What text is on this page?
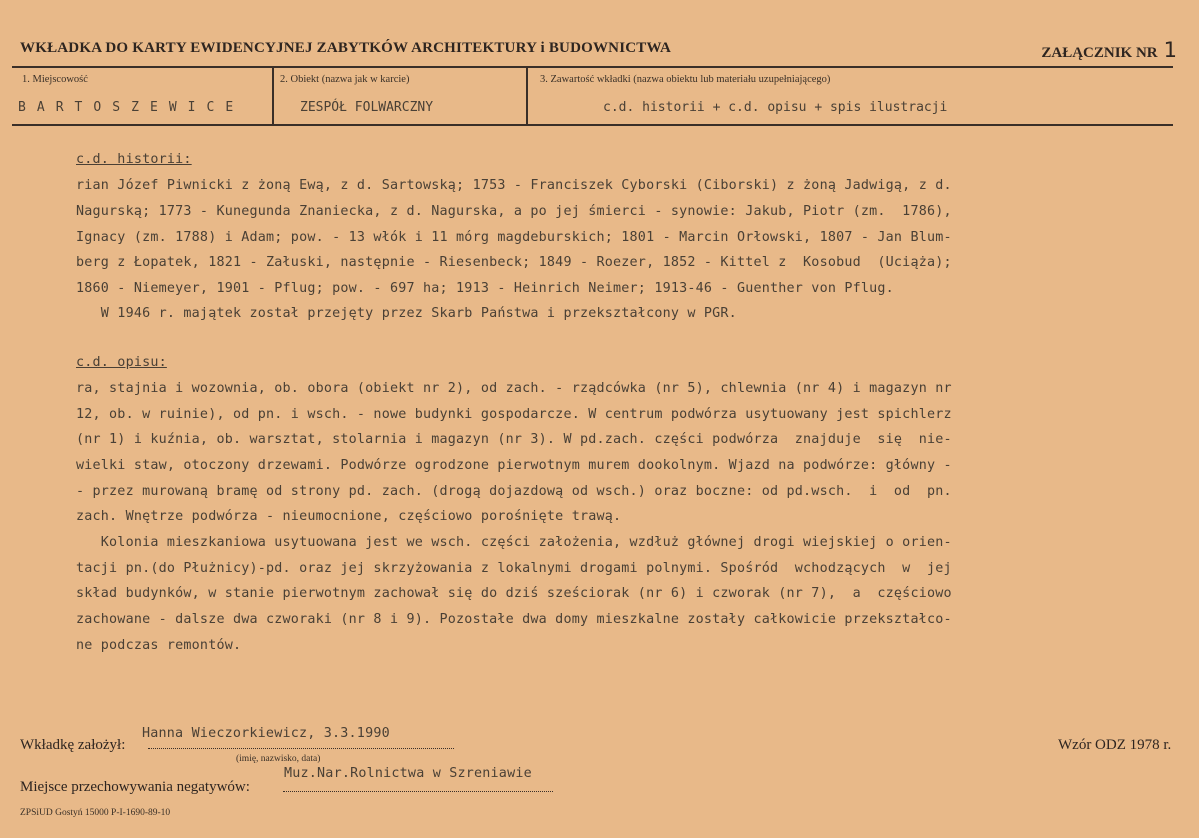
WKŁADKA DO KARTY EWIDENCYJNEJ ZABYTKÓW ARCHITEKTURY i BUDOWNICTWA	ZAŁĄCZNIK NR 1
1. Miejscowość
B A R T O S Z E W I C E
2. Obiekt (nazwa jak w karcie)
ZESPÓŁ FOLWARCZNY
3. Zawartość wkładki (nazwa obiektu lub materiału uzupełniającego)
c.d. historii + c.d. opisu + spis ilustracji
c.d. historii:
rian Józef Piwnicki z żoną Ewą, z d. Sartowską; 1753 - Franciszek Cyborski (Ciborski) z żoną Jadwigą, z d.
Nagurską; 1773 - Kunegunda Znaniecka, z d. Nagurska, a po jej śmierci - synowie: Jakub, Piotr (zm.  1786),
Ignacy (zm. 1788) i Adam; pow. - 13 włók i 11 mórg magdeburskich; 1801 - Marcin Orłowski, 1807 - Jan Blum-
berg z Łopatek, 1821 - Załuski, następnie - Riesenbeck; 1849 - Roezer, 1852 - Kittel z  Kosobud  (Uciąża);
1860 - Niemeyer, 1901 - Pflug; pow. - 697 ha; 1913 - Heinrich Neimer; 1913-46 - Guenther von Pflug.
W 1946 r. majątek został przejęty przez Skarb Państwa i przekształcony w PGR.
c.d. opisu:
ra, stajnia i wozownia, ob. obora (obiekt nr 2), od zach. - rządcówka (nr 5), chlewnia (nr 4) i magazyn nr
12, ob. w ruinie), od pn. i wsch. - nowe budynki gospodarcze. W centrum podwórza usytuowany jest spichlerz
(nr 1) i kuźnia, ob. warsztat, stolarnia i magazyn (nr 3). W pd.zach. części podwórza  znajduje  się  nie-
wielki staw, otoczony drzewami. Podwórze ogrodzone pierwotnym murem dookolnym. Wjazd na podwórze: główny -
- przez murowaną bramę od strony pd. zach. (drogą dojazdową od wsch.) oraz boczne: od pd.wsch.  i  od  pn.
zach. Wnętrze podwórza - nieumocnione, częściowo porośnięte trawą.
Kolonia mieszkaniowa usytuowana jest we wsch. części założenia, wzdłuż głównej drogi wiejskiej o orien-
tacji pn.(do Płużnicy)-pd. oraz jej skrzyżowania z lokalnymi drogami polnymi. Spośród  wchodzących  w  jej
skład budynków, w stanie pierwotnym zachował się do dziś sześciorak (nr 6) i czworak (nr 7),  a  częściowo
zachowane - dalsze dwa czworaki (nr 8 i 9). Pozostałe dwa domy mieszkalne zostały całkowicie przekształco-
ne podczas remontów.
Hanna Wieczorkiewicz, 3.3.1990
Wkładkę założył:
(imię, nazwisko, data)
Wzór ODZ 1978 r.
Muz.Nar.Rolnictwa w Szreniawie
Miejsce przechowywania negatywów:
ZPSiUD Gostyń 15000 P-I-1690-89-10
